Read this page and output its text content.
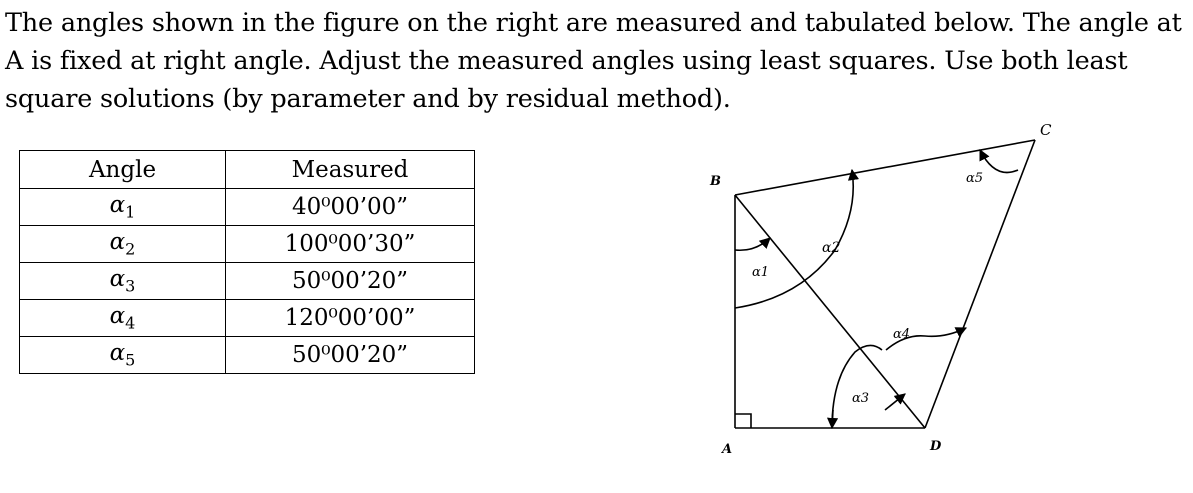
The angles shown in the figure on the right are measured and tabulated below. The angle at A is fixed at right angle. Adjust the measured angles using least squares. Use both least square solutions (by parameter and by residual method).
Angle	Measured
$\alpha_1$	40⁰00’00”
$\alpha_2$	100⁰00’30”
$\alpha_3$	50⁰00’20”
$\alpha_4$	120⁰00’00”
$\alpha_5$	50⁰00’20”
B
C
A	D
α1
α2
α3
α4
α5
